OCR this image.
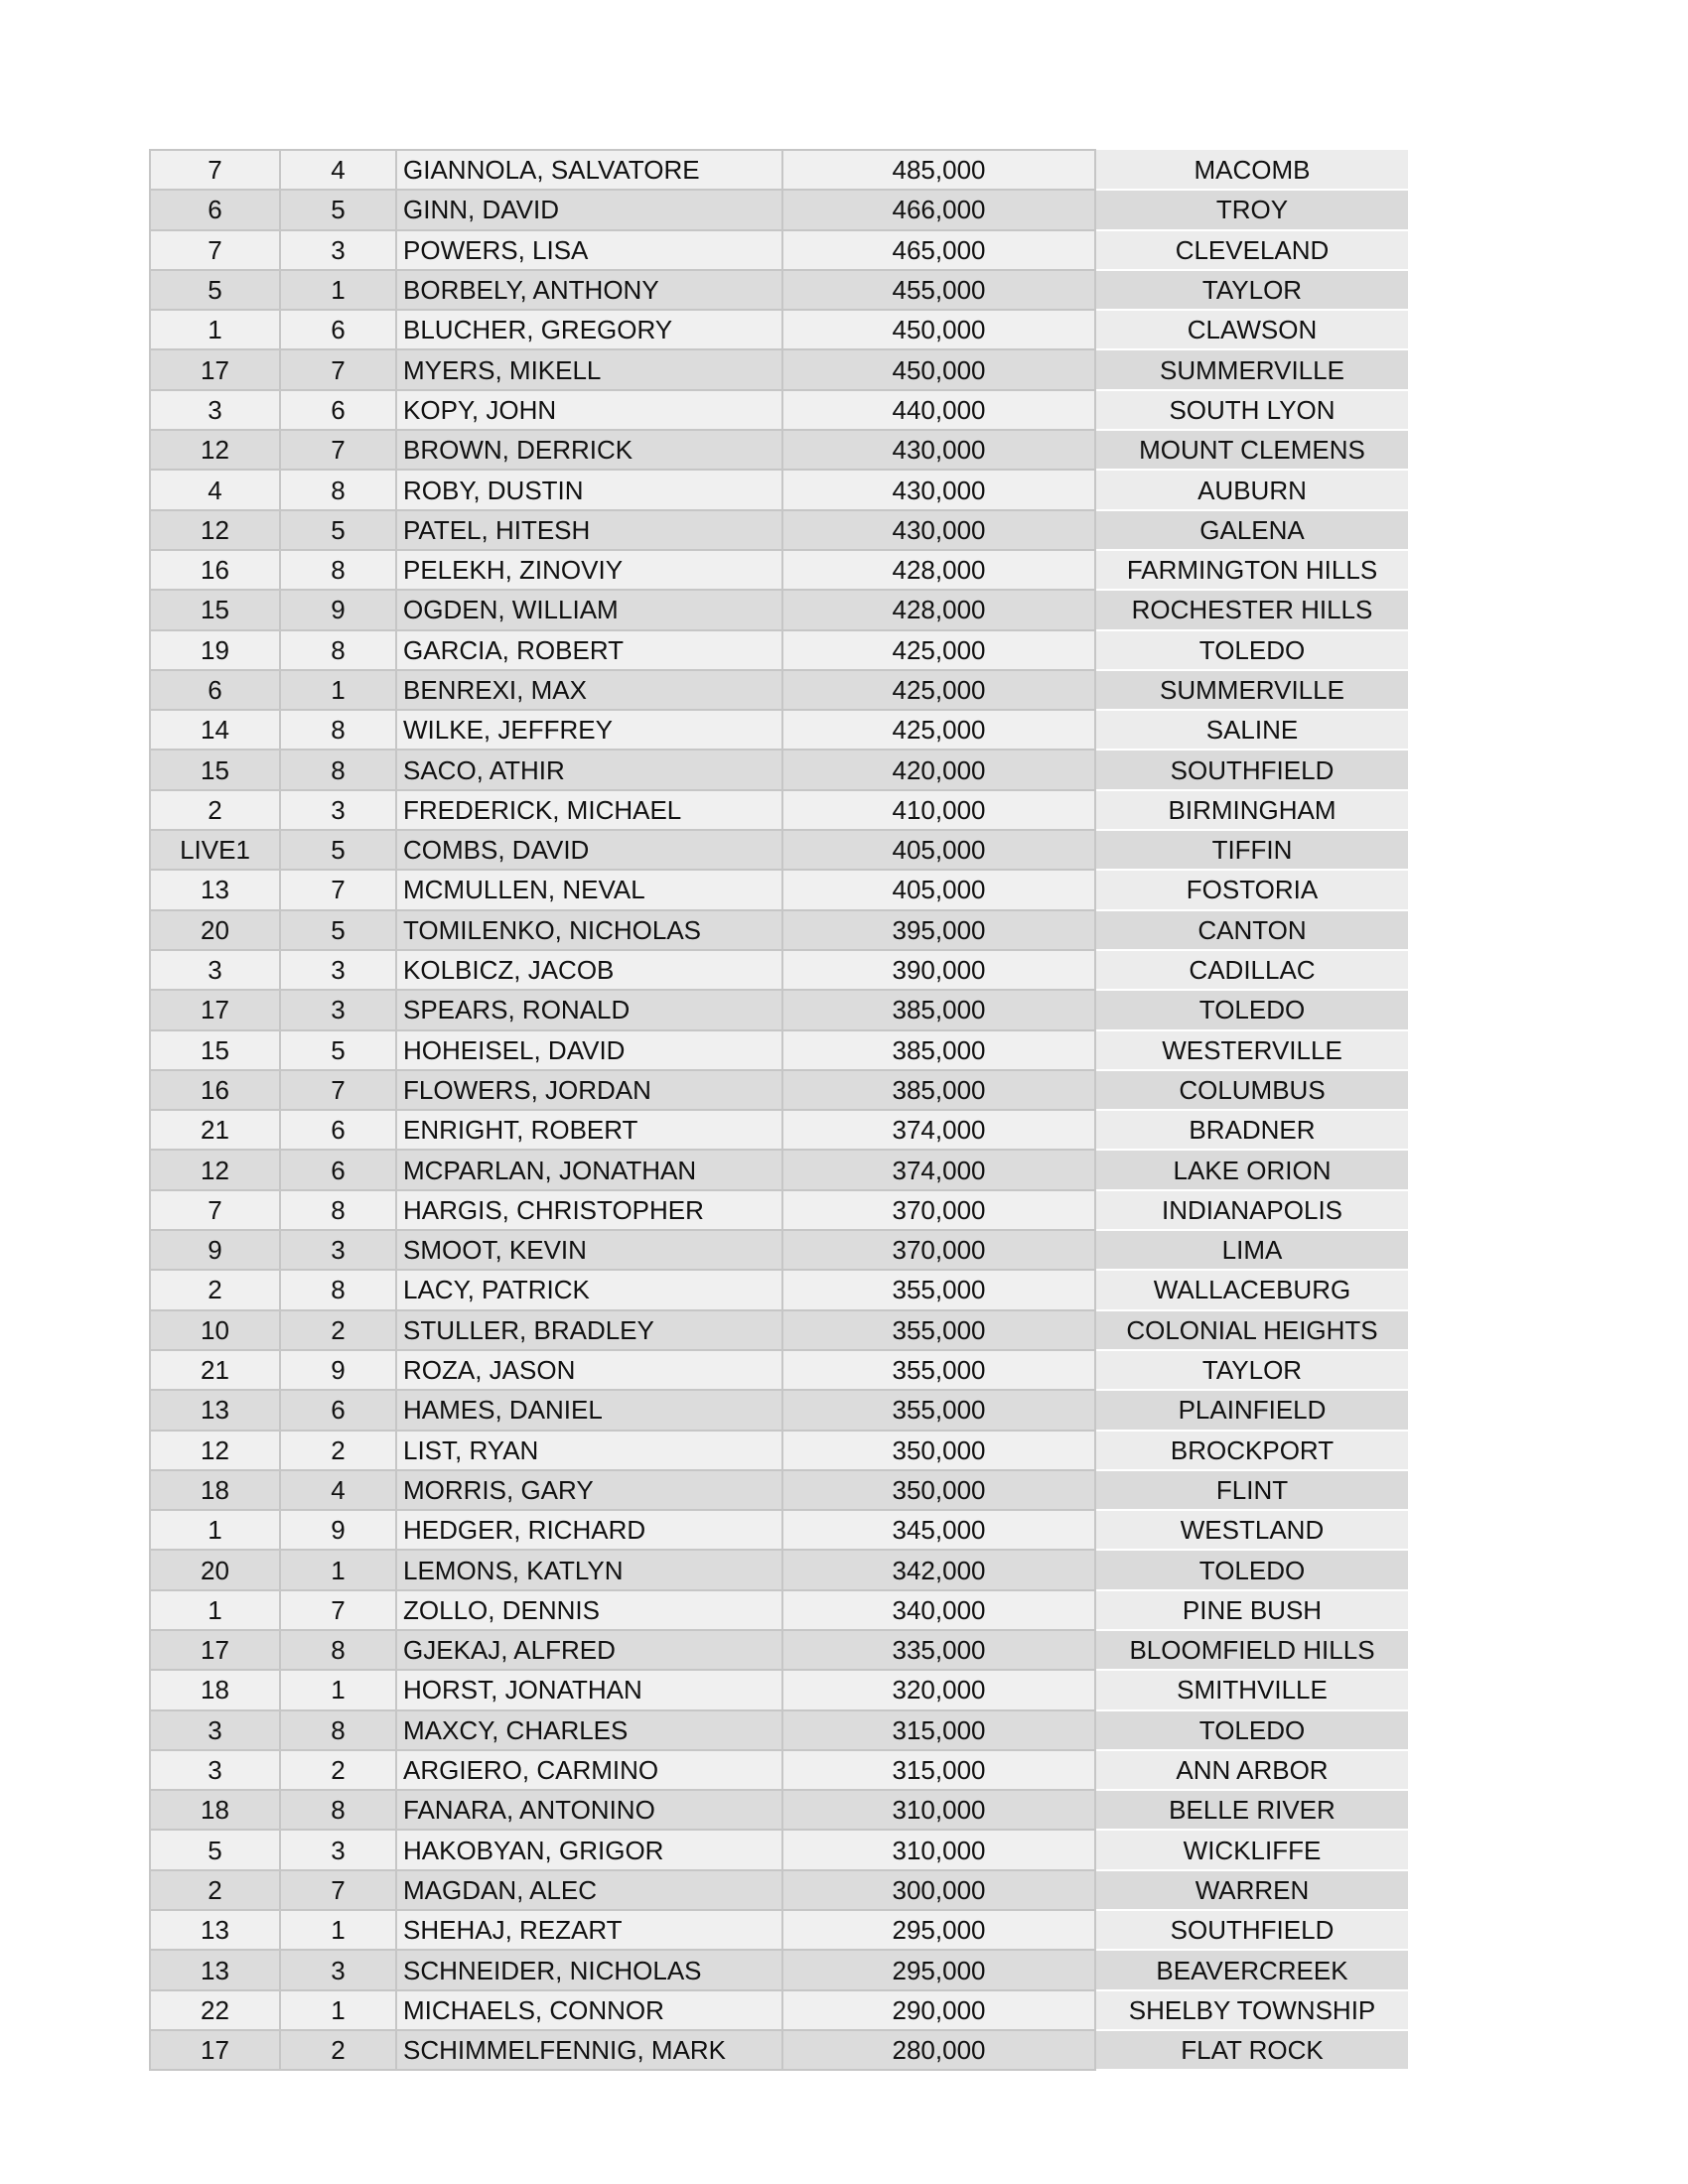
7	4	GIANNOLA, SALVATORE	485,000	MACOMB
6	5	GINN, DAVID	466,000	TROY
7	3	POWERS, LISA	465,000	CLEVELAND
5	1	BORBELY, ANTHONY	455,000	TAYLOR
1	6	BLUCHER, GREGORY	450,000	CLAWSON
17	7	MYERS, MIKELL	450,000	SUMMERVILLE
3	6	KOPY, JOHN	440,000	SOUTH LYON
12	7	BROWN, DERRICK	430,000	MOUNT CLEMENS
4	8	ROBY, DUSTIN	430,000	AUBURN
12	5	PATEL, HITESH	430,000	GALENA
16	8	PELEKH, ZINOVIY	428,000	FARMINGTON HILLS
15	9	OGDEN, WILLIAM	428,000	ROCHESTER HILLS
19	8	GARCIA, ROBERT	425,000	TOLEDO
6	1	BENREXI, MAX	425,000	SUMMERVILLE
14	8	WILKE, JEFFREY	425,000	SALINE
15	8	SACO, ATHIR	420,000	SOUTHFIELD
2	3	FREDERICK, MICHAEL	410,000	BIRMINGHAM
LIVE1	5	COMBS, DAVID	405,000	TIFFIN
13	7	MCMULLEN, NEVAL	405,000	FOSTORIA
20	5	TOMILENKO, NICHOLAS	395,000	CANTON
3	3	KOLBICZ, JACOB	390,000	CADILLAC
17	3	SPEARS, RONALD	385,000	TOLEDO
15	5	HOHEISEL, DAVID	385,000	WESTERVILLE
16	7	FLOWERS, JORDAN	385,000	COLUMBUS
21	6	ENRIGHT, ROBERT	374,000	BRADNER
12	6	MCPARLAN, JONATHAN	374,000	LAKE ORION
7	8	HARGIS, CHRISTOPHER	370,000	INDIANAPOLIS
9	3	SMOOT, KEVIN	370,000	LIMA
2	8	LACY, PATRICK	355,000	WALLACEBURG
10	2	STULLER, BRADLEY	355,000	COLONIAL HEIGHTS
21	9	ROZA, JASON	355,000	TAYLOR
13	6	HAMES, DANIEL	355,000	PLAINFIELD
12	2	LIST, RYAN	350,000	BROCKPORT
18	4	MORRIS, GARY	350,000	FLINT
1	9	HEDGER, RICHARD	345,000	WESTLAND
20	1	LEMONS, KATLYN	342,000	TOLEDO
1	7	ZOLLO, DENNIS	340,000	PINE BUSH
17	8	GJEKAJ, ALFRED	335,000	BLOOMFIELD HILLS
18	1	HORST, JONATHAN	320,000	SMITHVILLE
3	8	MAXCY, CHARLES	315,000	TOLEDO
3	2	ARGIERO, CARMINO	315,000	ANN ARBOR
18	8	FANARA, ANTONINO	310,000	BELLE RIVER
5	3	HAKOBYAN, GRIGOR	310,000	WICKLIFFE
2	7	MAGDAN, ALEC	300,000	WARREN
13	1	SHEHAJ, REZART	295,000	SOUTHFIELD
13	3	SCHNEIDER, NICHOLAS	295,000	BEAVERCREEK
22	1	MICHAELS, CONNOR	290,000	SHELBY TOWNSHIP
17	2	SCHIMMELFENNIG, MARK	280,000	FLAT ROCK
